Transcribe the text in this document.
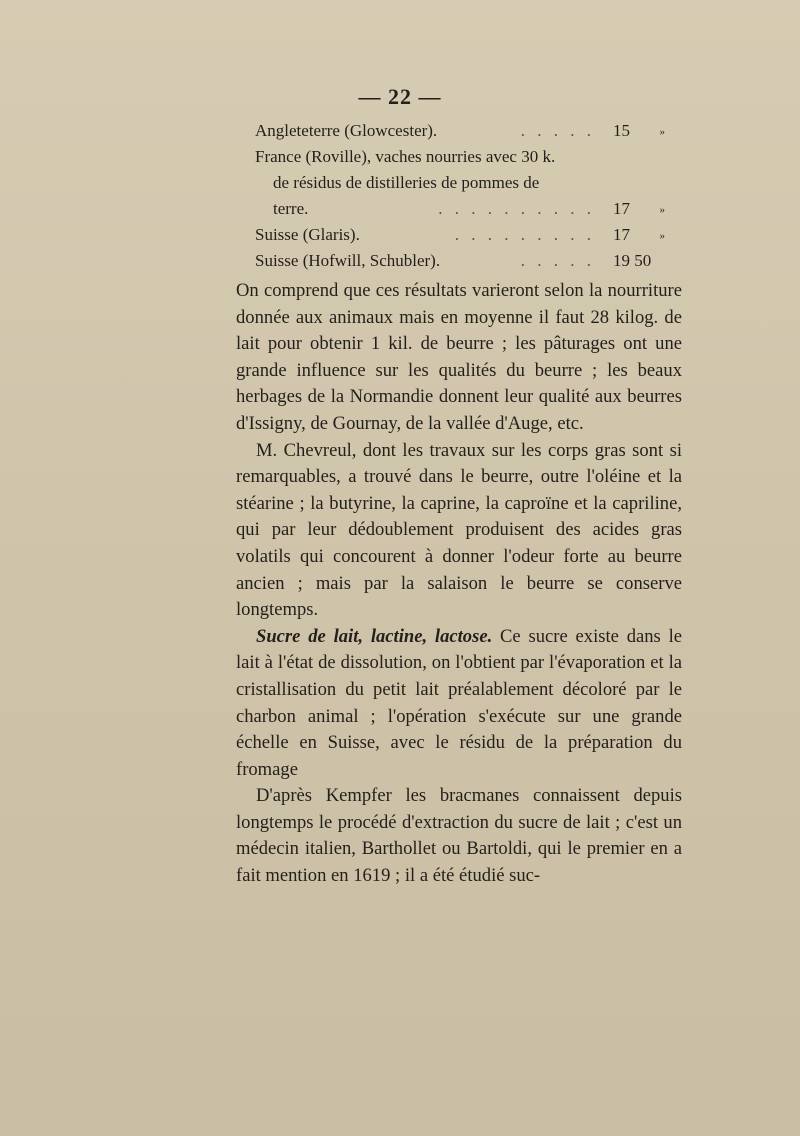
— 22 —
Angleteterre (Glowcester).	. . . . . 15	»
France (Roville), vaches nourries avec 30 k.
de résidus de distilleries de pommes de
terre.	. . . . . . . . . . 17	»
Suisse (Glaris).	. . . . . . . . . 17	»
Suisse (Hofwill, Schubler).	. . . . . 19 50

On comprend que ces résultats varieront selon la nourriture donnée aux animaux mais en moyenne il faut 28 kilog. de lait pour obtenir 1 kil. de beurre ; les pâturages ont une grande influence sur les qualités du beurre ; les beaux herbages de la Normandie donnent leur qualité aux beurres d'Issigny, de Gournay, de la vallée d'Auge, etc.

M. Chevreul, dont les travaux sur les corps gras sont si remarquables, a trouvé dans le beurre, outre l'oléine et la stéarine ; la butyrine, la caprine, la caproïne et la capriline, qui par leur dédoublement produisent des acides gras volatils qui concourent à donner l'odeur forte au beurre ancien ; mais par la salaison le beurre se conserve longtemps.

Sucre de lait, lactine, lactose. Ce sucre existe dans le lait à l'état de dissolution, on l'obtient par l'évaporation et la cristallisation du petit lait préalablement décoloré par le charbon animal ; l'opération s'exécute sur une grande échelle en Suisse, avec le résidu de la préparation du fromage

D'après Kempfer les bracmanes connaissent depuis longtemps le procédé d'extraction du sucre de lait ; c'est un médecin italien, Barthollet ou Bartoldi, qui le premier en a fait mention en 1619 ; il a été étudié suc-
